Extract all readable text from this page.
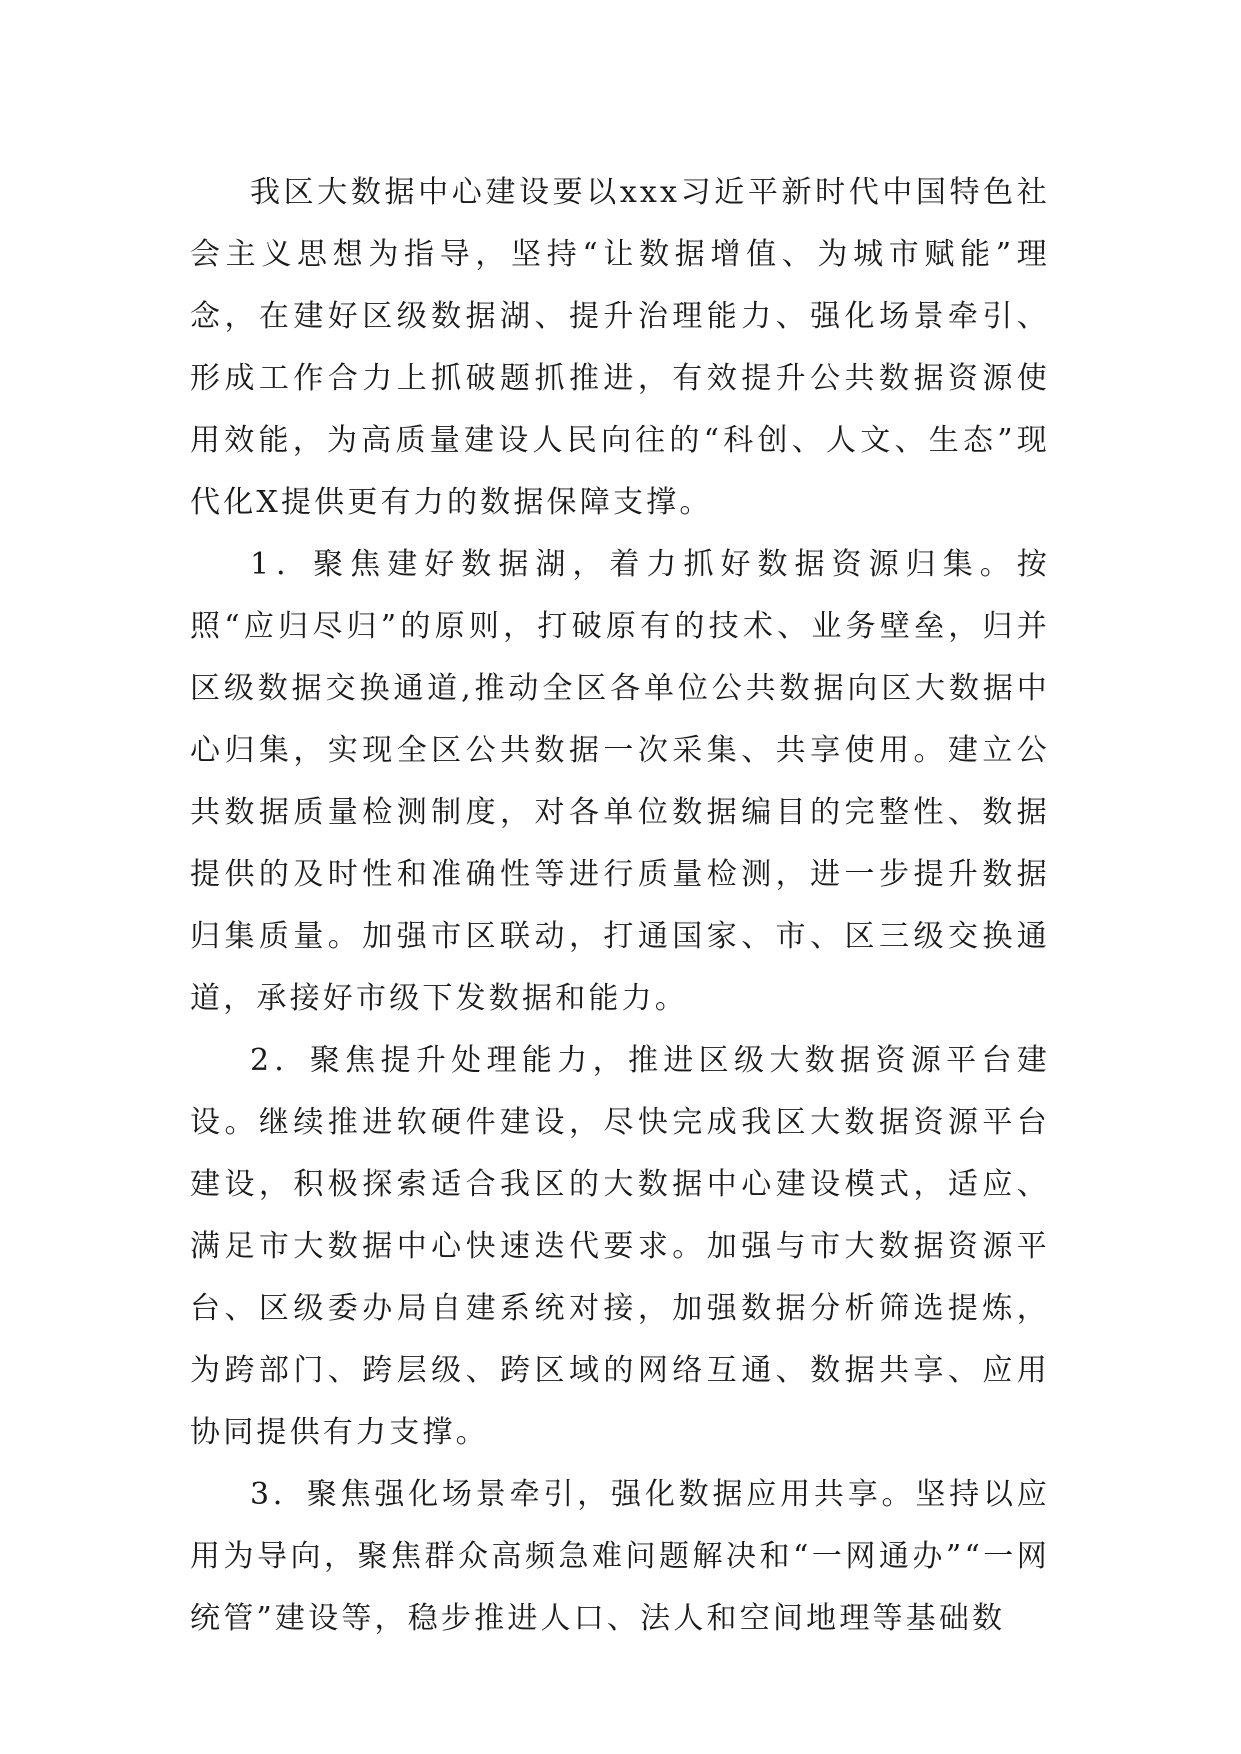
我区大数据中心建设要以xxx习近平新时代中国特色社会主义思想为指导，坚持“让数据增值、为城市赋能”理念，在建好区级数据湖、提升治理能力、强化场景牵引、形成工作合力上抓破题抓推进，有效提升公共数据资源使用效能，为高质量建设人民向往的“科创、人文、生态”现代化X提供更有力的数据保障支撑。

1．聚焦建好数据湖，着力抓好数据资源归集。按照“应归尽归”的原则，打破原有的技术、业务壁垒，归并区级数据交换通道,推动全区各单位公共数据向区大数据中心归集，实现全区公共数据一次采集、共享使用。建立公共数据质量检测制度，对各单位数据编目的完整性、数据提供的及时性和准确性等进行质量检测，进一步提升数据归集质量。加强市区联动，打通国家、市、区三级交换通道，承接好市级下发数据和能力。

2．聚焦提升处理能力，推进区级大数据资源平台建设。继续推进软硬件建设，尽快完成我区大数据资源平台建设，积极探索适合我区的大数据中心建设模式，适应、满足市大数据中心快速迭代要求。加强与市大数据资源平台、区级委办局自建系统对接，加强数据分析筛选提炼，为跨部门、跨层级、跨区域的网络互通、数据共享、应用协同提供有力支撑。

3．聚焦强化场景牵引，强化数据应用共享。坚持以应用为导向，聚焦群众高频急难问题解决和“一网通办”“一网统管”建设等，稳步推进人口、法人和空间地理等基础数
